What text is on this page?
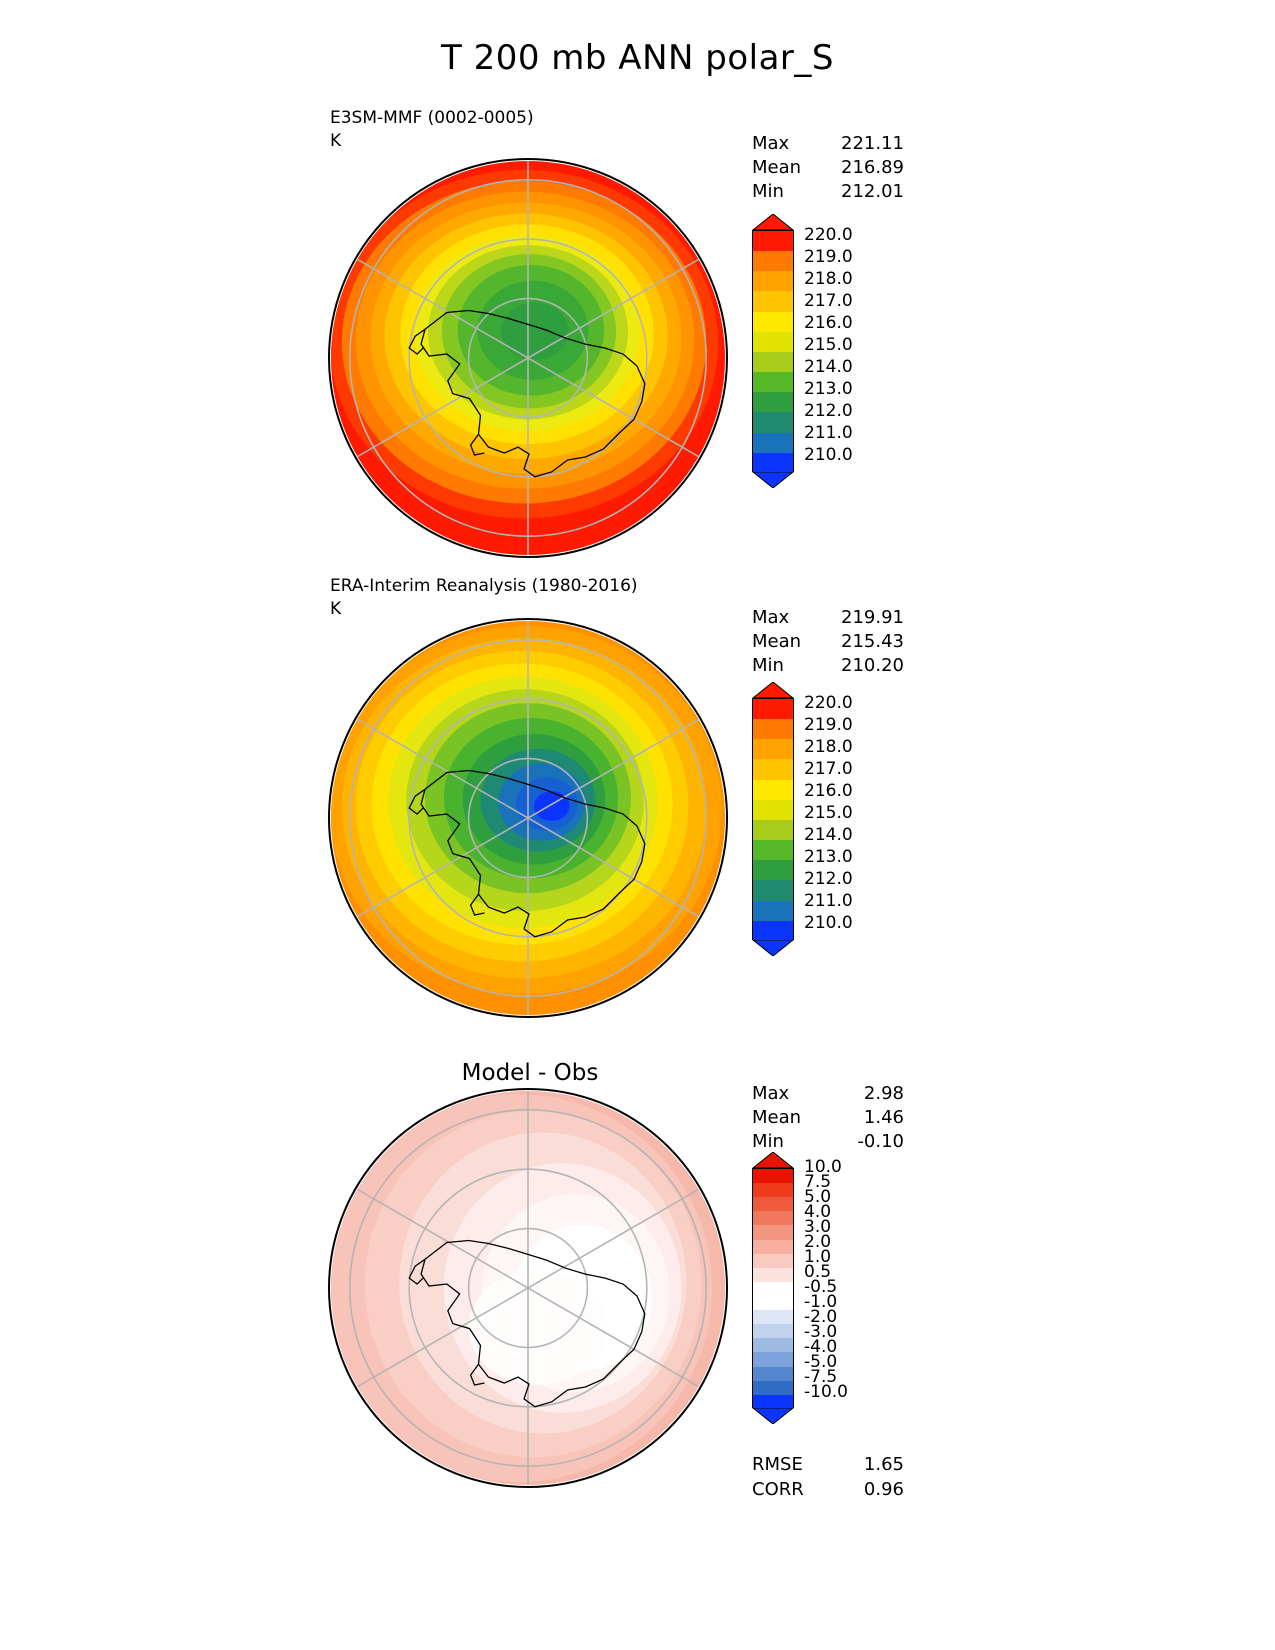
T 200 mb ANN polar_S
E3SM-MMF (0002-0005)
K	Max	221.11
Mean 216.89
Min	212.01
220.0
219.0
218.0
217.0
216.0
215.0
214.0
213.0
212.0
211.0
210.0
ERA-Interim Reanalysis (1980-2016)
K	Max	219.91
Mean 215.43
Min	210.20
220.0
219.0
218.0
217.0
216.0
215.0
214.0
213.0
212.0
211.0
210.0
Model - Obs
Max	2.98
Mean	1.46
Min	-0.10
10.0
7.5
5.0
4.0
3.0
2.0
1.0
0.5
-0.5
-1.0
-2.0
-3.0
-4.0
-5.0
-7.5
-10.0
RMSE	1.65
CORR	0.96
